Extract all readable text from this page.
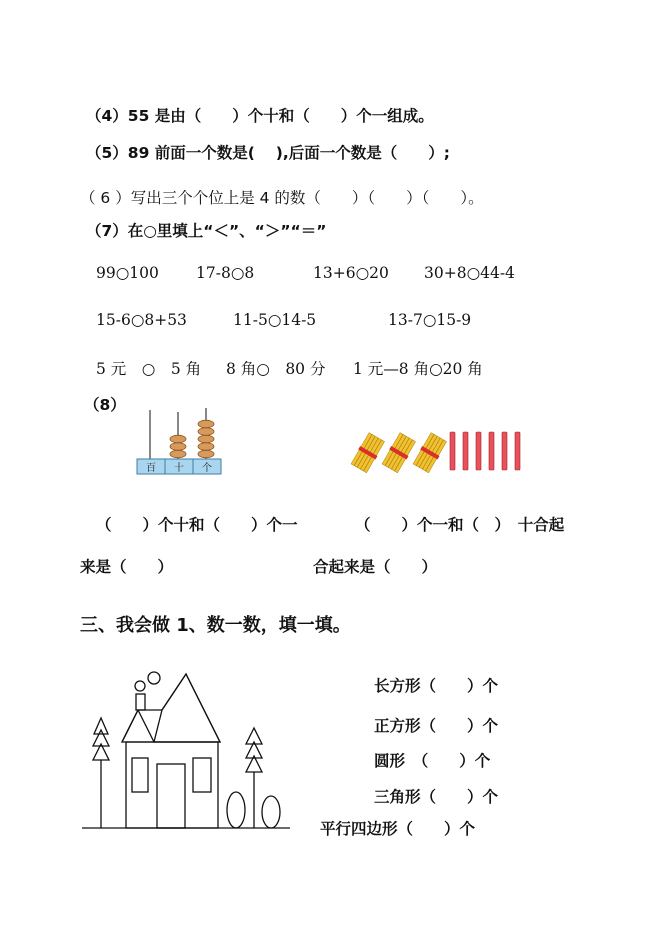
（4）55 是由（　　）个十和（　　）个一组成。
（5）89 前面一个数是(　 ),后面一个数是（　　）;
（ 6 ）写出三个个位上是 4 的数（　　）（　　）（　　）。
（7）在○里填上“＜”、“＞”“＝”
99○100 17-8○8	13+6○20 30+8○44-4
15-6○8+53	11-5○14-5	13-7○15-9
5 元　○　5 角 8 角○　80 分 1 元—8 角○20 角
（8）
百 十 个
（　　）个十和（　　）个一	（　　）个一和（　）　十合起
来是（　　）	合起来是（　　）
三、我会做 1、数一数，填一填。
长方形（　　）个
正方形（　　）个
圆形　（　　）个
三角形（　　）个
平行四边形（　　）个
